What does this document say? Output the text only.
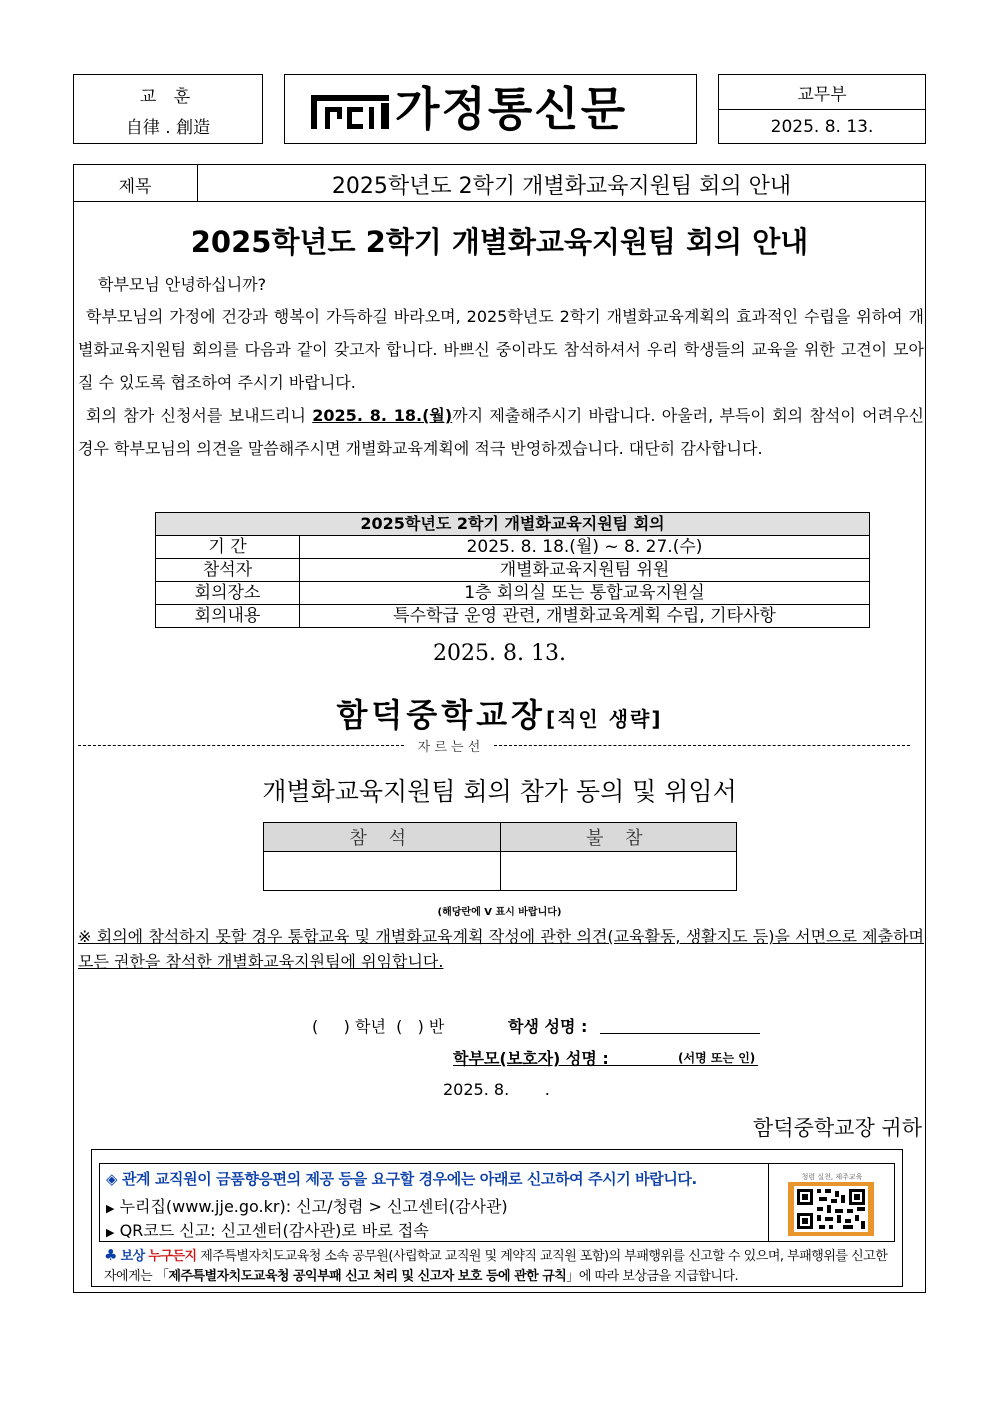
교 훈
自律 . 創造	가정통신문	교무부
2025. 8. 13.
제목	2025학년도 2학기 개별화교육지원팀 회의 안내
2025학년도 2학기 개별화교육지원팀 회의 안내
학부모님 안녕하십니까?
학부모님의 가정에 건강과 행복이 가득하길 바라오며, 2025학년도 2학기 개별화교육계획의 효과적인 수립을 위하여 개별화교육지원팀 회의를 다음과 같이 갖고자 합니다. 바쁘신 중이라도 참석하셔서 우리 학생들의 교육을 위한 고견이 모아질 수 있도록 협조하여 주시기 바랍니다.
회의 참가 신청서를 보내드리니 2025. 8. 18.(월)까지 제출해주시기 바랍니다. 아울러, 부득이 회의 참석이 어려우신 경우 학부모님의 의견을 말씀해주시면 개별화교육계획에 적극 반영하겠습니다. 대단히 감사합니다.
2025학년도 2학기 개별화교육지원팀 회의	
기 간	2025. 8. 18.(월) ~ 8. 27.(수)
참석자	개별화교육지원팀 위원
회의장소	1층 회의실 또는 통합교육지원실
회의내용	특수학급 운영 관련, 개별화교육계획 수립, 기타사항
2025. 8. 13.
함덕중학교장[직인 생략]
자 르 는 선
개별화교육지원팀 회의 참가 동의 및 위임서
참 석	불 참

(해당란에 V 표시 바랍니다)
※ 회의에 참석하지 못할 경우 통합교육 및 개별화교육계획 작성에 관한 의견(교육활동, 생활지도 등)을 서면으로 제출하며 모든 권한을 참석한 개별화교육지원팀에 위임합니다.
(     ) 학년  (   ) 반	학생 성명 :
학부모(보호자) 성명 :	(서명 또는 인)
2025. 8.       .
함덕중학교장 귀하
◈ 관계 교직원이 금품향응편의 제공 등을 요구할 경우에는 아래로 신고하여 주시기 바랍니다.
▶ 누리집(www.jje.go.kr): 신고/청렴 > 신고센터(감사관)
▶ QR코드 신고: 신고센터(감사관)로 바로 접속
청렴 실천, 제주교육
♣ 보상 누구든지 제주특별자치도교육청 소속 공무원(사립학교 교직원 및 계약직 교직원 포함)의 부패행위를 신고할 수 있으며, 부패행위를 신고한 자에게는 「제주특별자치도교육청 공익부패 신고 처리 및 신고자 보호 등에 관한 규칙」에 따라 보상금을 지급합니다.
